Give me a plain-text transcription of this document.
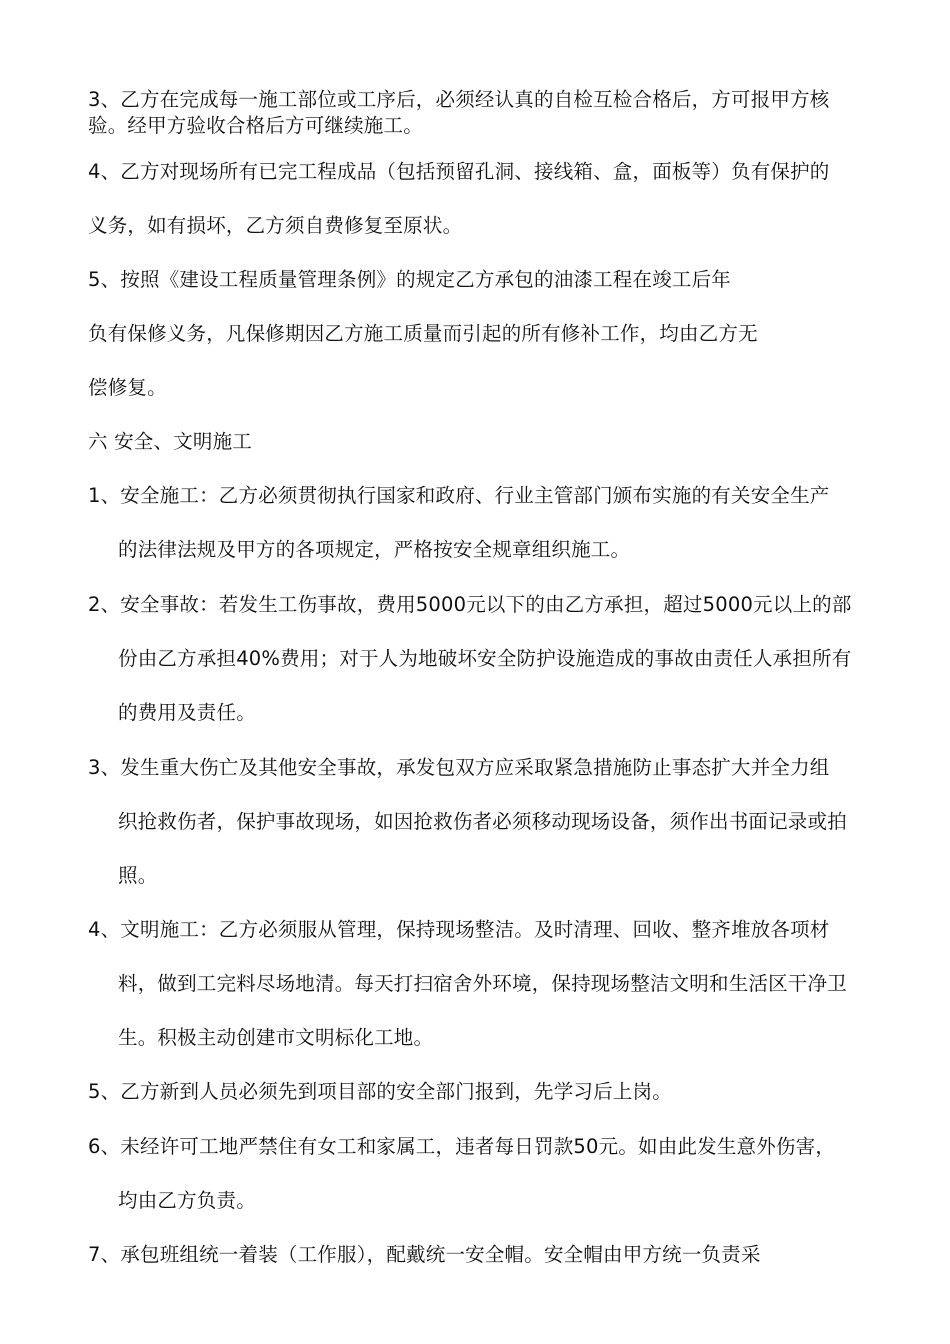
3、乙方在完成每一施工部位或工序后，必须经认真的自检互检合格后，方可报甲方核
验。经甲方验收合格后方可继续施工。
4、乙方对现场所有已完工程成品（包括预留孔洞、接线箱、盒，面板等）负有保护的
义务，如有损坏，乙方须自费修复至原状。
5、按照《建设工程质量管理条例》的规定乙方承包的油漆工程在竣工后年
负有保修义务，凡保修期因乙方施工质量而引起的所有修补工作，均由乙方无
偿修复。
六 安全、文明施工
1、安全施工：乙方必须贯彻执行国家和政府、行业主管部门颁布实施的有关安全生产
的法律法规及甲方的各项规定，严格按安全规章组织施工。
2、安全事故：若发生工伤事故，费用5000元以下的由乙方承担，超过5000元以上的部
份由乙方承担40%费用；对于人为地破坏安全防护设施造成的事故由责任人承担所有
的费用及责任。
3、发生重大伤亡及其他安全事故，承发包双方应采取紧急措施防止事态扩大并全力组
织抢救伤者，保护事故现场，如因抢救伤者必须移动现场设备，须作出书面记录或拍
照。
4、文明施工：乙方必须服从管理，保持现场整洁。及时清理、回收、整齐堆放各项材
料，做到工完料尽场地清。每天打扫宿舍外环境，保持现场整洁文明和生活区干净卫
生。积极主动创建市文明标化工地。
5、乙方新到人员必须先到项目部的安全部门报到，先学习后上岗。
6、未经许可工地严禁住有女工和家属工，违者每日罚款50元。如由此发生意外伤害，
均由乙方负责。
7、承包班组统一着装（工作服），配戴统一安全帽。安全帽由甲方统一负责采
